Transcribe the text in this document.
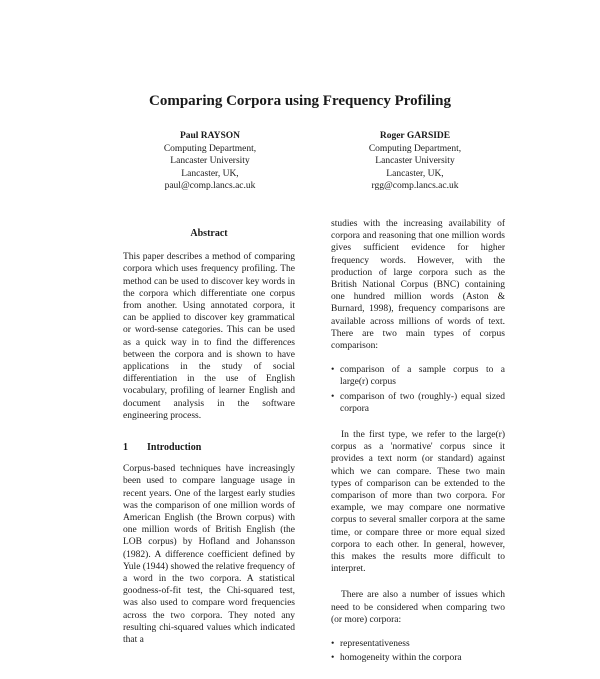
Comparing Corpora using Frequency Profiling
Paul RAYSON
Computing Department,
Lancaster University
Lancaster, UK,
paul@comp.lancs.ac.uk
Roger GARSIDE
Computing Department,
Lancaster University
Lancaster, UK,
rgg@comp.lancs.ac.uk
Abstract

This paper describes a method of comparing corpora which uses frequency profiling. The method can be used to discover key words in the corpora which differentiate one corpus from another. Using annotated corpora, it can be applied to discover key grammatical or word-sense categories. This can be used as a quick way in to find the differences between the corpora and is shown to have applications in the study of social differentiation in the use of English vocabulary, profiling of learner English and document analysis in the software engineering process.

1 Introduction

Corpus-based techniques have increasingly been used to compare language usage in recent years. One of the largest early studies was the comparison of one million words of American English (the Brown corpus) with one million words of British English (the LOB corpus) by Hofland and Johansson (1982). A difference coefficient defined by Yule (1944) showed the relative frequency of a word in the two corpora. A statistical goodness-of-fit test, the Chi-squared test, was also used to compare word frequencies across the two corpora. They noted any resulting chi-squared values which indicated that a

studies with the increasing availability of corpora and reasoning that one million words gives sufficient evidence for higher frequency words. However, with the production of large corpora such as the British National Corpus (BNC) containing one hundred million words (Aston & Burnard, 1998), frequency comparisons are available across millions of words of text. There are two main types of corpus comparison:

• comparison of a sample corpus to a large(r) corpus
• comparison of two (roughly-) equal sized corpora

In the first type, we refer to the large(r) corpus as a 'normative' corpus since it provides a text norm (or standard) against which we can compare. These two main types of comparison can be extended to the comparison of more than two corpora. For example, we may compare one normative corpus to several smaller corpora at the same time, or compare three or more equal sized corpora to each other. In general, however, this makes the results more difficult to interpret.

There are also a number of issues which need to be considered when comparing two (or more) corpora:

• representativeness
• homogeneity within the corpora
